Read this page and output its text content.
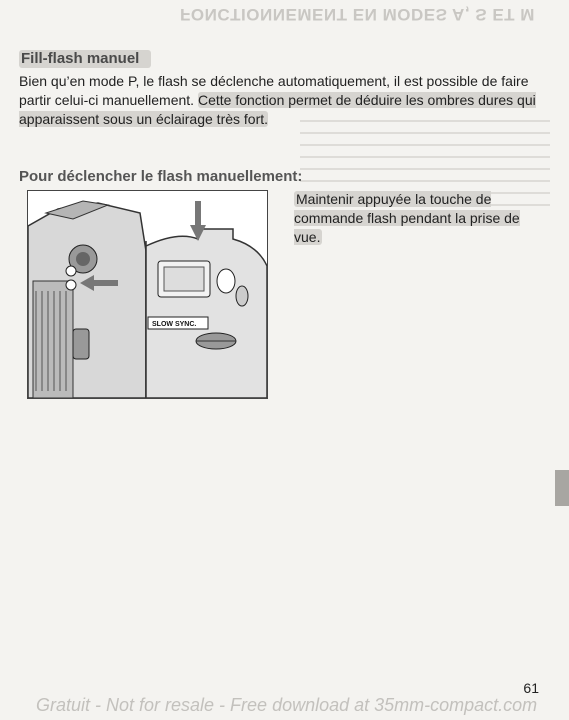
FONCTIONNEMENT EN MODES A, S ET M
Fill-flash manuel

Bien qu’en mode P, le flash se déclenche automatiquement, il est possible de faire partir celui-ci manuellement. Cette fonction permet de déduire les ombres dures qui apparaissent sous un éclairage très fort.

Pour déclencher le flash manuellement:
SLOW SYNC.

Maintenir appuyée la touche de commande flash pendant la prise de vue.

61
Gratuit - Not for resale - Free download at 35mm-compact.com
